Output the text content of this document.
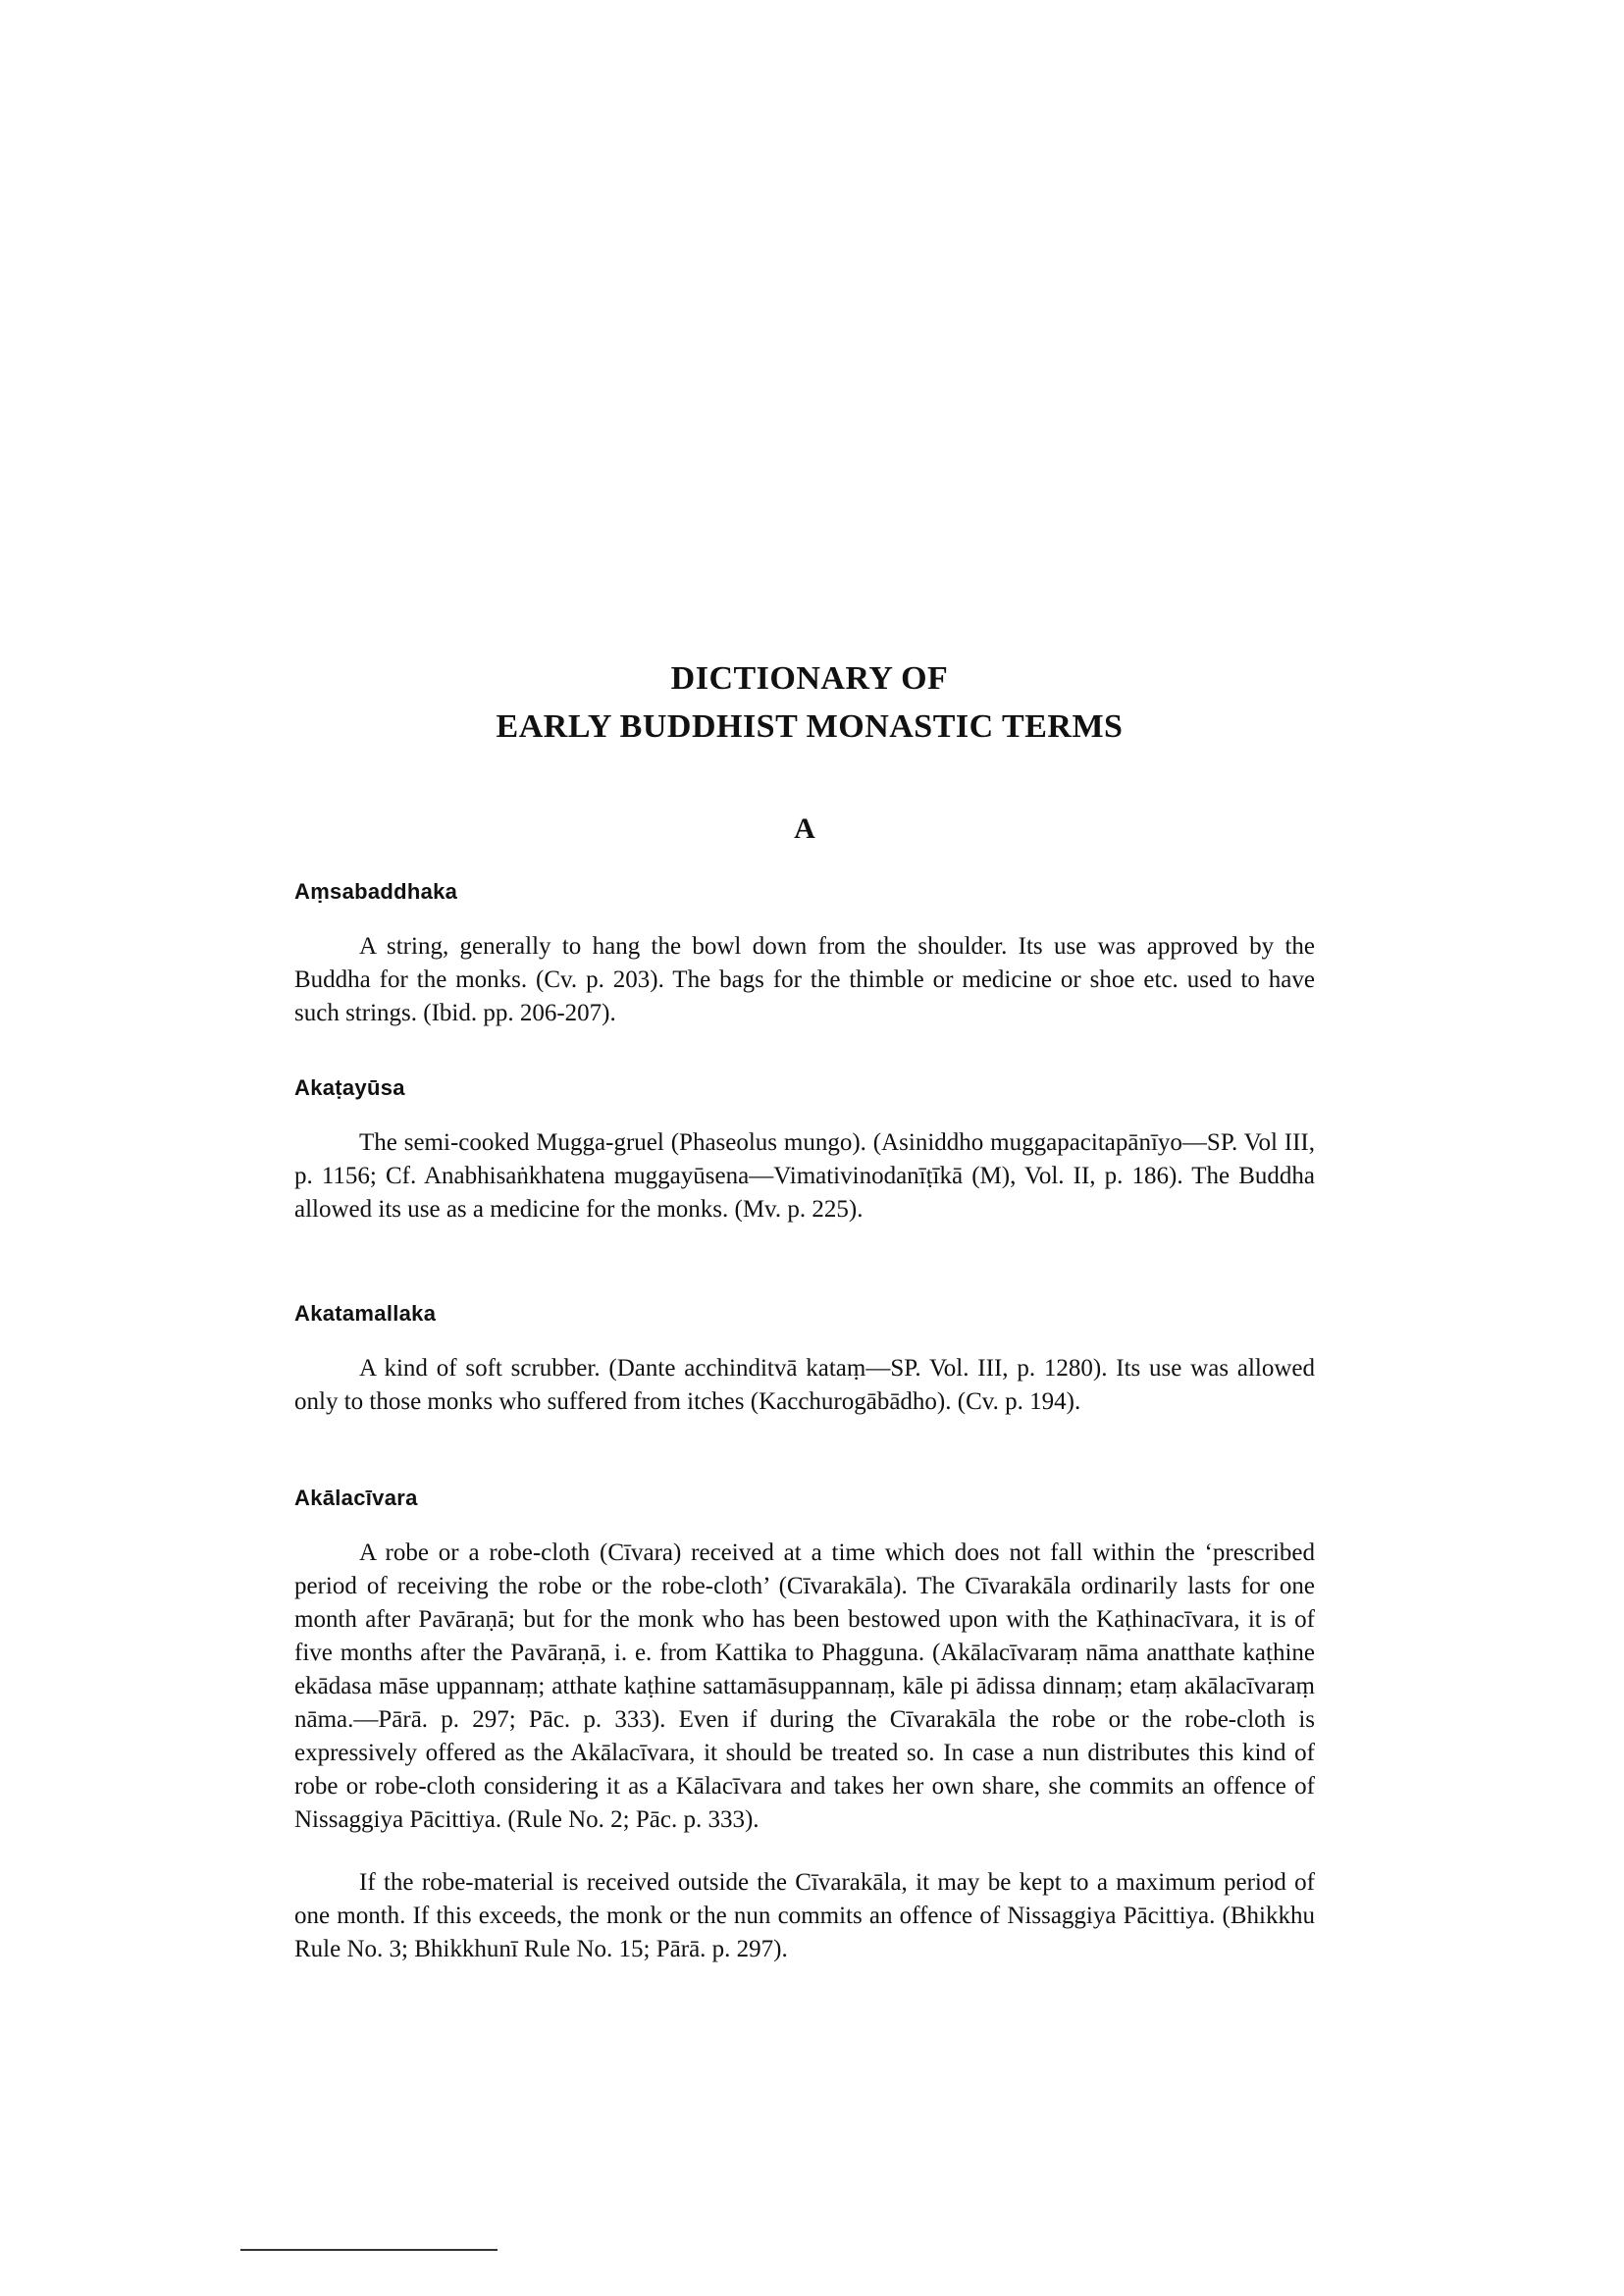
DICTIONARY OF
EARLY BUDDHIST MONASTIC TERMS
A
Aṃsabaddhaka

A string, generally to hang the bowl down from the shoulder. Its use was approved by the Buddha for the monks. (Cv. p. 203). The bags for the thimble or medicine or shoe etc. used to have such strings. (Ibid. pp. 206-207).

Akaṭayūsa

The semi-cooked Mugga-gruel (Phaseolus mungo). (Asiniddho muggapacitapānīyo—SP. Vol III, p. 1156; Cf. Anabhisaṅkhatena muggayūsena—Vimativinodanīṭīkā (M), Vol. II, p. 186). The Buddha allowed its use as a medicine for the monks. (Mv. p. 225).

Akatamallaka

A kind of soft scrubber. (Dante acchinditvā kataṃ—SP. Vol. III, p. 1280). Its use was allowed only to those monks who suffered from itches (Kacchurogābādho). (Cv. p. 194).

Akālacīvara

A robe or a robe-cloth (Cīvara) received at a time which does not fall within the ‘prescribed period of receiving the robe or the robe-cloth’ (Cīvarakāla). The Cīvarakāla ordinarily lasts for one month after Pavāraṇā; but for the monk who has been bestowed upon with the Kaṭhinacīvara, it is of five months after the Pavāraṇā, i. e. from Kattika to Phagguna. (Akālacīvaraṃ nāma anatthate kaṭhine ekādasa māse uppannaṃ; atthate kaṭhine sattamāsuppannaṃ, kāle pi ādissa dinnaṃ; etaṃ akālacīvaraṃ nāma.—Pārā. p. 297; Pāc. p. 333). Even if during the Cīvarakāla the robe or the robe-cloth is expressively offered as the Akālacīvara, it should be treated so. In case a nun distributes this kind of robe or robe-cloth considering it as a Kālacīvara and takes her own share, she commits an offence of Nissaggiya Pācittiya. (Rule No. 2; Pāc. p. 333).

If the robe-material is received outside the Cīvarakāla, it may be kept to a maximum period of one month. If this exceeds, the monk or the nun commits an offence of Nissaggiya Pācittiya. (Bhikkhu Rule No. 3; Bhikkhunī Rule No. 15; Pārā. p. 297).
